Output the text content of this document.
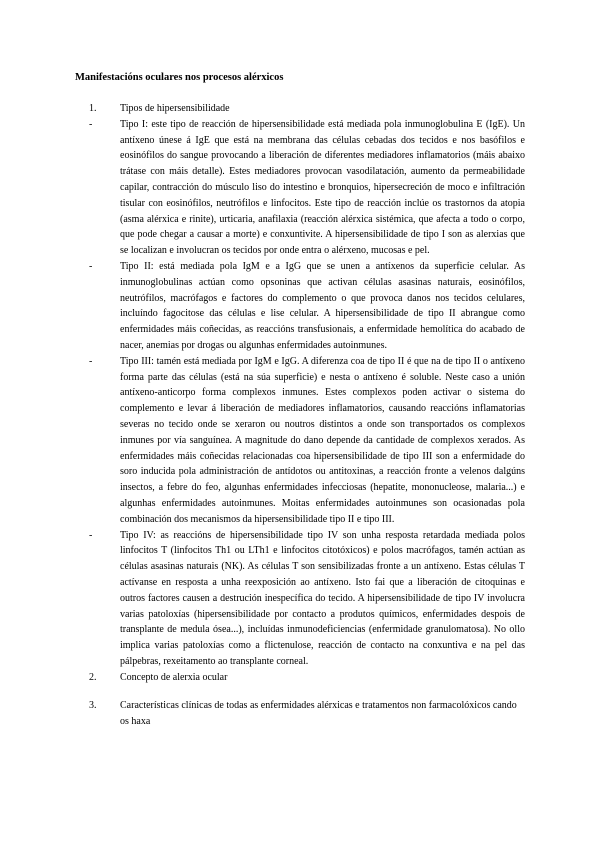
Manifestacións oculares nos procesos alérxicos

1.	Tipos de hipersensibilidade
-	Tipo I: este tipo de reacción de hipersensibilidade está mediada pola inmunoglobulina E (IgE). Un antíxeno únese á IgE que está na membrana das células cebadas dos tecidos e nos basófilos e eosinófilos do sangue provocando a liberación de diferentes mediadores inflamatorios (máis abaixo trátase con máis detalle). Estes mediadores provocan vasodilatación, aumento da permeabilidade capilar, contracción do músculo liso do intestino e bronquios, hipersecreción de moco e infiltración tisular con eosinófilos, neutrófilos e linfocitos. Este tipo de reacción inclúe os trastornos da atopia (asma alérxica e rinite), urticaria, anafilaxia (reacción alérxica sistémica, que afecta a todo o corpo, que pode chegar a causar a morte) e conxuntivite. A hipersensibilidade de tipo I son as alerxias que se localizan e involucran os tecidos por onde entra o alérxeno, mucosas e pel.
-	Tipo II: está mediada pola IgM e a IgG que se unen a antíxenos da superficie celular. As inmunoglobulinas actúan como opsoninas que activan células asasinas naturais, eosinófilos, neutrófilos, macrófagos e factores do complemento o que provoca danos nos tecidos celulares, incluíndo fagocitose das células e lise celular. A hipersensibilidade de tipo II abrangue como enfermidades máis coñecidas, as reaccións transfusionais, a enfermidade hemolítica do acabado de nacer, anemias por drogas ou algunhas enfermidades autoinmunes.
-	Tipo III: tamén está mediada por IgM e IgG. A diferenza coa de tipo II é que na de tipo II o antíxeno forma parte das células (está na súa superficie) e nesta o antíxeno é soluble. Neste caso a unión antíxeno-anticorpo forma complexos inmunes. Estes complexos poden activar o sistema do complemento e levar á liberación de mediadores inflamatorios, causando reaccións inflamatorias severas no tecido onde se xeraron ou noutros distintos a onde son transportados os complexos inmunes por vía sanguínea. A magnitude do dano depende da cantidade de complexos xerados. As enfermidades máis coñecidas relacionadas coa hipersensibilidade de tipo III son a enfermidade do soro inducida pola administración de antídotos ou antitoxinas, a reacción fronte a velenos dalgúns insectos, a febre do feo, algunhas enfermidades infecciosas (hepatite, mononucleose, malaria...) e algunhas enfermidades autoinmunes. Moitas enfermidades autoinmunes son ocasionadas pola combinación dos mecanismos da hipersensibilidade tipo II e tipo III.
-	Tipo IV: as reaccións de hipersensibilidade tipo IV son unha resposta retardada mediada polos linfocitos T (linfocitos Th1 ou LTh1 e linfocitos citotóxicos) e polos macrófagos, tamén actúan as células asasinas naturais (NK). As células T son sensibilizadas fronte a un antíxeno. Estas células T actívanse en resposta a unha reexposición ao antíxeno. Isto fai que a liberación de citoquinas e outros factores causen a destrución inespecífica do tecido. A hipersensibilidade de tipo IV involucra varias patoloxías (hipersensibilidade por contacto a produtos químicos, enfermidades despois de transplante de medula ósea...), incluídas inmunodeficiencias (enfermidade granulomatosa). No ollo implica varias patoloxías como a flictenulose, reacción de contacto na conxuntiva e na pel das pálpebras, rexeitamento ao transplante corneal.
2.	Concepto de alerxia ocular
3.	Características clínicas de todas as enfermidades alérxicas e tratamentos non farmacolóxicos cando os haxa
